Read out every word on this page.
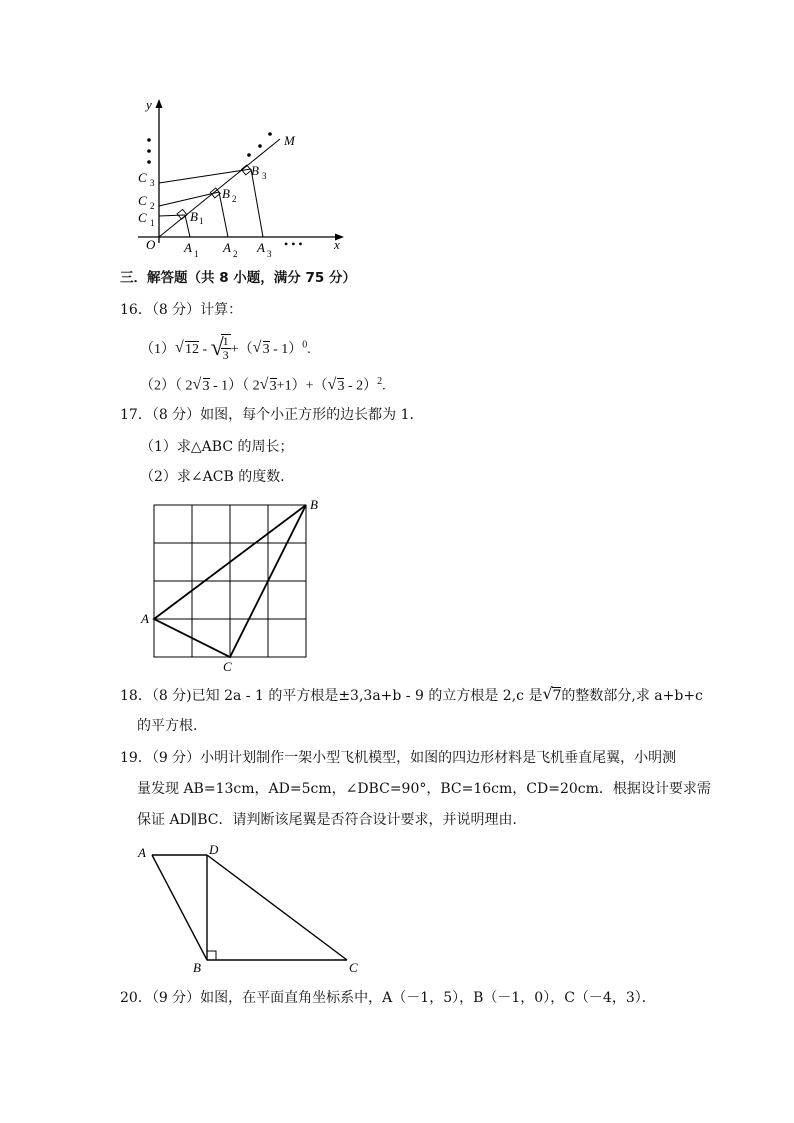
y
M
O	x
C 3
C 2
C 1	B 1
B 2
B 3
A 1 A 2 A 3
• • •
三．解答题（共 8 小题，满分 75 分）
16．（8 分）计算：
（1） √ 12 - √
$\frac{1}{3}$ +（ √ 3 - 1）$^0$.
（2）（ 2 √ 3 - 1）（ 2 √ 3+1）+（ √ 3 - 2）$^2$.
17．（8 分）如图，每个小正方形的边长都为 1．
（1）求△ABC 的周长；
（2）求∠ACB 的度数．
A
B
C
18．（8 分)已知 2a - 1 的平方根是±3,3a+b - 9 的立方根是 2,c 是 √ 7的整数部分,求 a+b+c
的平方根．
19．（9 分）小明计划制作一架小型飞机模型，如图的四边形材料是飞机垂直尾翼，小明测
量发现 AB=13cm，AD=5cm，∠DBC=90°，BC=16cm，CD=20cm．根据设计要求需
保证 AD∥BC．请判断该尾翼是否符合设计要求，并说明理由．
A	D
B	C
20．（9 分）如图，在平面直角坐标系中，A（－1，5），B（－1，0），C（－4，3）．
